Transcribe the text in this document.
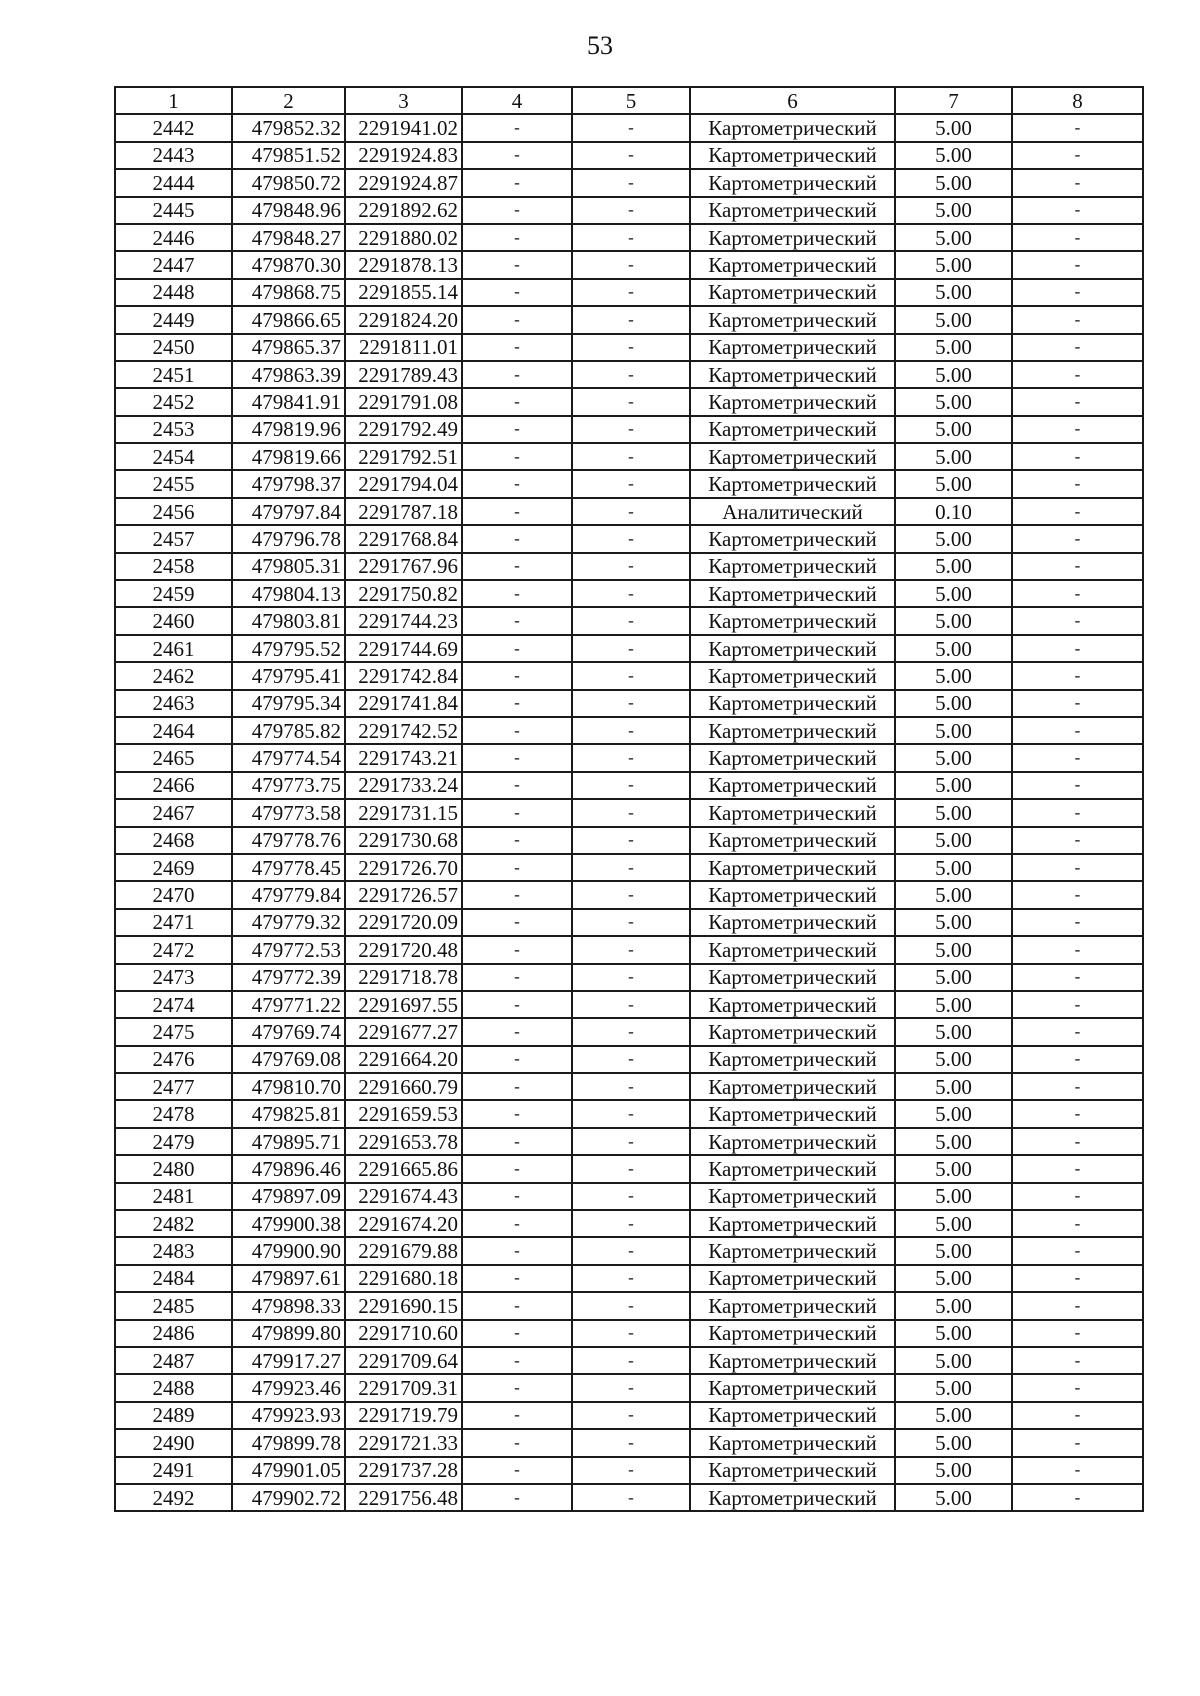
53
1	2	3	4	5	6	7	8
2442	479852.32	2291941.02	-	-	Картометрический	5.00	-
2443	479851.52	2291924.83	-	-	Картометрический	5.00	-
2444	479850.72	2291924.87	-	-	Картометрический	5.00	-
2445	479848.96	2291892.62	-	-	Картометрический	5.00	-
2446	479848.27	2291880.02	-	-	Картометрический	5.00	-
2447	479870.30	2291878.13	-	-	Картометрический	5.00	-
2448	479868.75	2291855.14	-	-	Картометрический	5.00	-
2449	479866.65	2291824.20	-	-	Картометрический	5.00	-
2450	479865.37	2291811.01	-	-	Картометрический	5.00	-
2451	479863.39	2291789.43	-	-	Картометрический	5.00	-
2452	479841.91	2291791.08	-	-	Картометрический	5.00	-
2453	479819.96	2291792.49	-	-	Картометрический	5.00	-
2454	479819.66	2291792.51	-	-	Картометрический	5.00	-
2455	479798.37	2291794.04	-	-	Картометрический	5.00	-
2456	479797.84	2291787.18	-	-	Аналитический	0.10	-
2457	479796.78	2291768.84	-	-	Картометрический	5.00	-
2458	479805.31	2291767.96	-	-	Картометрический	5.00	-
2459	479804.13	2291750.82	-	-	Картометрический	5.00	-
2460	479803.81	2291744.23	-	-	Картометрический	5.00	-
2461	479795.52	2291744.69	-	-	Картометрический	5.00	-
2462	479795.41	2291742.84	-	-	Картометрический	5.00	-
2463	479795.34	2291741.84	-	-	Картометрический	5.00	-
2464	479785.82	2291742.52	-	-	Картометрический	5.00	-
2465	479774.54	2291743.21	-	-	Картометрический	5.00	-
2466	479773.75	2291733.24	-	-	Картометрический	5.00	-
2467	479773.58	2291731.15	-	-	Картометрический	5.00	-
2468	479778.76	2291730.68	-	-	Картометрический	5.00	-
2469	479778.45	2291726.70	-	-	Картометрический	5.00	-
2470	479779.84	2291726.57	-	-	Картометрический	5.00	-
2471	479779.32	2291720.09	-	-	Картометрический	5.00	-
2472	479772.53	2291720.48	-	-	Картометрический	5.00	-
2473	479772.39	2291718.78	-	-	Картометрический	5.00	-
2474	479771.22	2291697.55	-	-	Картометрический	5.00	-
2475	479769.74	2291677.27	-	-	Картометрический	5.00	-
2476	479769.08	2291664.20	-	-	Картометрический	5.00	-
2477	479810.70	2291660.79	-	-	Картометрический	5.00	-
2478	479825.81	2291659.53	-	-	Картометрический	5.00	-
2479	479895.71	2291653.78	-	-	Картометрический	5.00	-
2480	479896.46	2291665.86	-	-	Картометрический	5.00	-
2481	479897.09	2291674.43	-	-	Картометрический	5.00	-
2482	479900.38	2291674.20	-	-	Картометрический	5.00	-
2483	479900.90	2291679.88	-	-	Картометрический	5.00	-
2484	479897.61	2291680.18	-	-	Картометрический	5.00	-
2485	479898.33	2291690.15	-	-	Картометрический	5.00	-
2486	479899.80	2291710.60	-	-	Картометрический	5.00	-
2487	479917.27	2291709.64	-	-	Картометрический	5.00	-
2488	479923.46	2291709.31	-	-	Картометрический	5.00	-
2489	479923.93	2291719.79	-	-	Картометрический	5.00	-
2490	479899.78	2291721.33	-	-	Картометрический	5.00	-
2491	479901.05	2291737.28	-	-	Картометрический	5.00	-
2492	479902.72	2291756.48	-	-	Картометрический	5.00	-
